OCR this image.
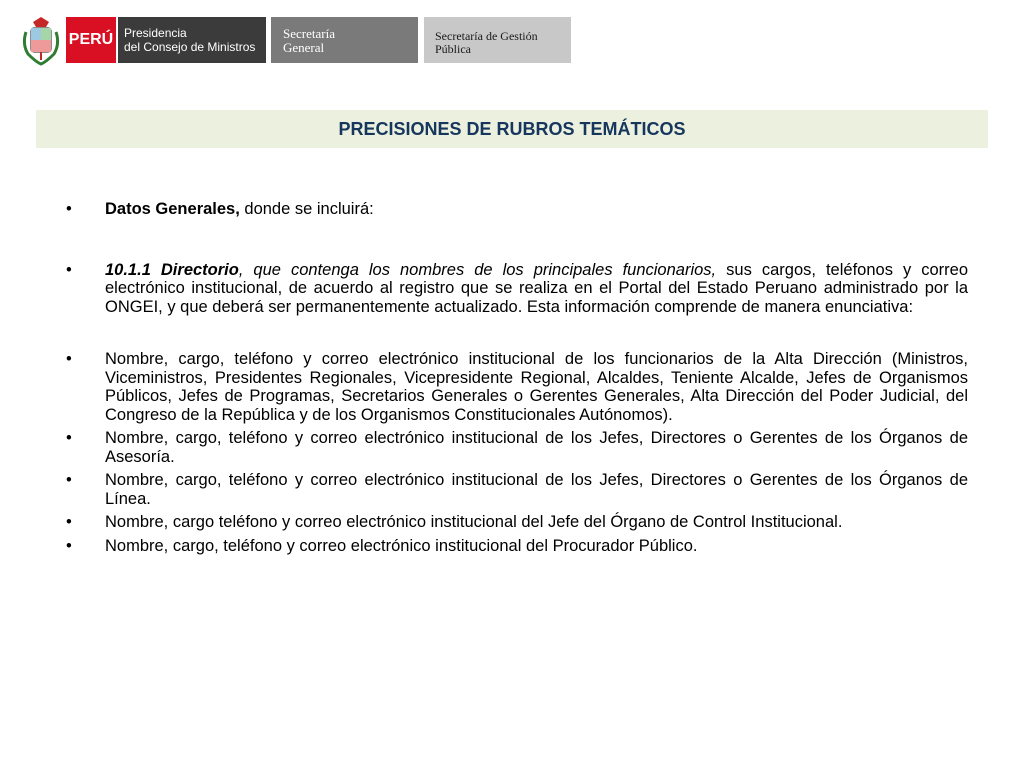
PERÚ Presidencia
del Consejo de Ministros
Secretaría
General
Secretaría de Gestión
Pública
PRECISIONES DE RUBROS TEMÁTICOS
• Datos Generales, donde se incluirá:
• 10.1.1 Directorio, que contenga los nombres de los principales funcionarios, sus cargos, teléfonos y correo electrónico institucional, de acuerdo al registro que se realiza en el Portal del Estado Peruano administrado por la ONGEI, y que deberá ser permanentemente actualizado. Esta información comprende de manera enunciativa:
• Nombre, cargo, teléfono y correo electrónico institucional de los funcionarios de la Alta Dirección (Ministros, Viceministros, Presidentes Regionales, Vicepresidente Regional, Alcaldes, Teniente Alcalde, Jefes de Organismos Públicos, Jefes de Programas, Secretarios Generales o Gerentes Generales, Alta Dirección del Poder Judicial, del Congreso de la República y de los Organismos Constitucionales Autónomos).
• Nombre, cargo, teléfono y correo electrónico institucional de los Jefes, Directores o Gerentes de los Órganos de Asesoría.
• Nombre, cargo, teléfono y correo electrónico institucional de los Jefes, Directores o Gerentes de los Órganos de Línea.
• Nombre, cargo teléfono y correo electrónico institucional del Jefe del Órgano de Control Institucional.
• Nombre, cargo, teléfono y correo electrónico institucional del Procurador Público.
